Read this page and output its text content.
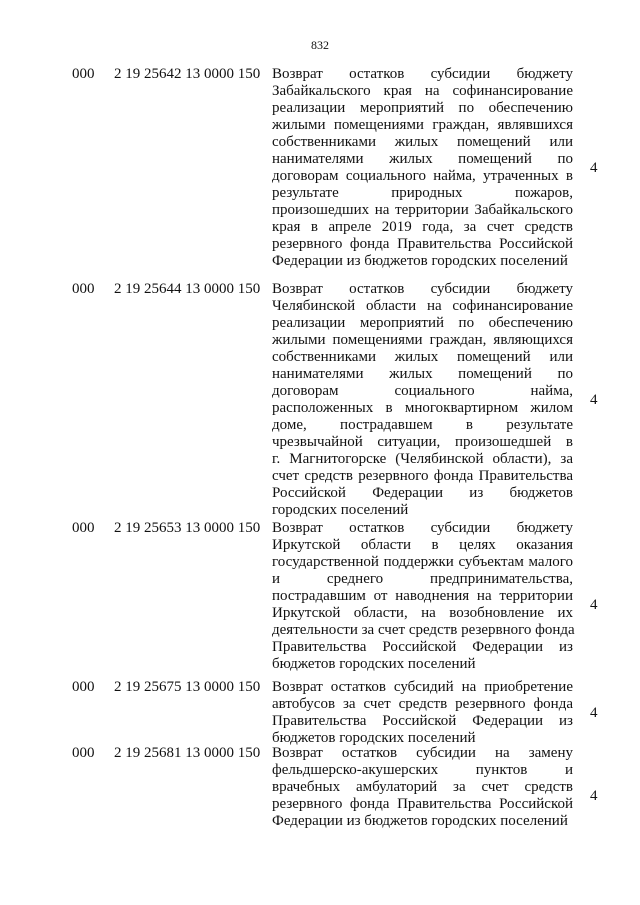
832
000 2 19 25642 13 0000 150 Возврат остатков субсидии бюджету
Забайкальского края на софинансирование
реализации мероприятий по обеспечению
жилыми помещениями граждан, являвшихся
собственниками жилых помещений или
нанимателями жилых помещений по
договорам социального найма, утраченных в
результате природных пожаров,
произошедших на территории Забайкальского
края в апреле 2019 года, за счет средств
резервного фонда Правительства Российской
Федерации из бюджетов городских поселений
4
000 2 19 25644 13 0000 150 Возврат остатков субсидии бюджету
Челябинской области на софинансирование
реализации мероприятий по обеспечению
жилыми помещениями граждан, являющихся
собственниками жилых помещений или
нанимателями жилых помещений по
договорам социального найма,
расположенных в многоквартирном жилом
доме, пострадавшем в результате
чрезвычайной ситуации, произошедшей в
г. Магнитогорске (Челябинской области), за
счет средств резервного фонда Правительства
Российской Федерации из бюджетов
городских поселений
4
000 2 19 25653 13 0000 150 Возврат остатков субсидии бюджету
Иркутской области в целях оказания
государственной поддержки субъектам малого
и среднего предпринимательства,
пострадавшим от наводнения на территории
Иркутской области, на возобновление их
деятельности за счет средств резервного фонда
Правительства Российской Федерации из
бюджетов городских поселений
4
000 2 19 25675 13 0000 150 Возврат остатков субсидий на приобретение
автобусов за счет средств резервного фонда
Правительства Российской Федерации из
бюджетов городских поселений
4
000 2 19 25681 13 0000 150 Возврат остатков субсидии на замену
фельдшерско-акушерских пунктов и
врачебных амбулаторий за счет средств
резервного фонда Правительства Российской
Федерации из бюджетов городских поселений
4
